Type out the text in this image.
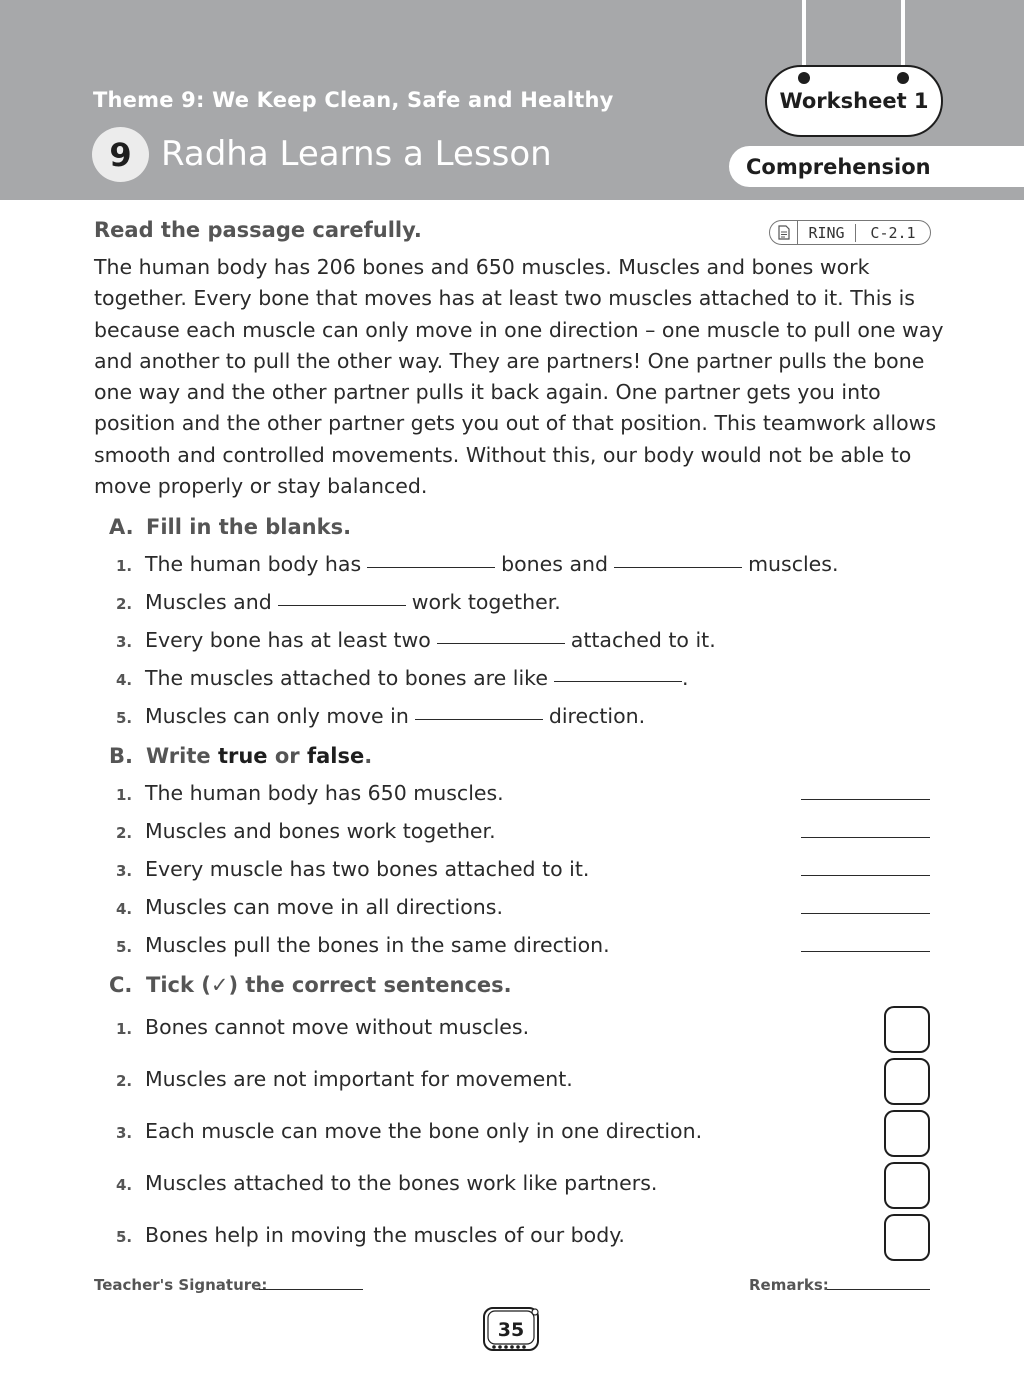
Theme 9: We Keep Clean, Safe and Healthy
9 Radha Learns a Lesson
Worksheet 1
Comprehension
Read the passage carefully.	RING	C-2.1
The human body has 206 bones and 650 muscles. Muscles and bones work together. Every bone that moves has at least two muscles attached to it. This is because each muscle can only move in one direction – one muscle to pull one way and another to pull the other way. They are partners! One partner pulls the bone one way and the other partner pulls it back again. One partner gets you into position and the other partner gets you out of that position. This teamwork allows smooth and controlled movements. Without this, our body would not be able to move properly or stay balanced.
A. Fill in the blanks.
1. The human body has	bones and	muscles.
2. Muscles and	work together.
3. Every bone has at least two	attached to it.
4. The muscles attached to bones are like	.
5. Muscles can only move in	direction.
B. Write true or false.
1. The human body has 650 muscles.
2. Muscles and bones work together.
3. Every muscle has two bones attached to it.
4. Muscles can move in all directions.
5. Muscles pull the bones in the same direction.
C. Tick (✓) the correct sentences.
1. Bones cannot move without muscles.
2. Muscles are not important for movement.
3. Each muscle can move the bone only in one direction.
4. Muscles attached to the bones work like partners.
5. Bones help in moving the muscles of our body.
Teacher's Signature:	Remarks:
35
